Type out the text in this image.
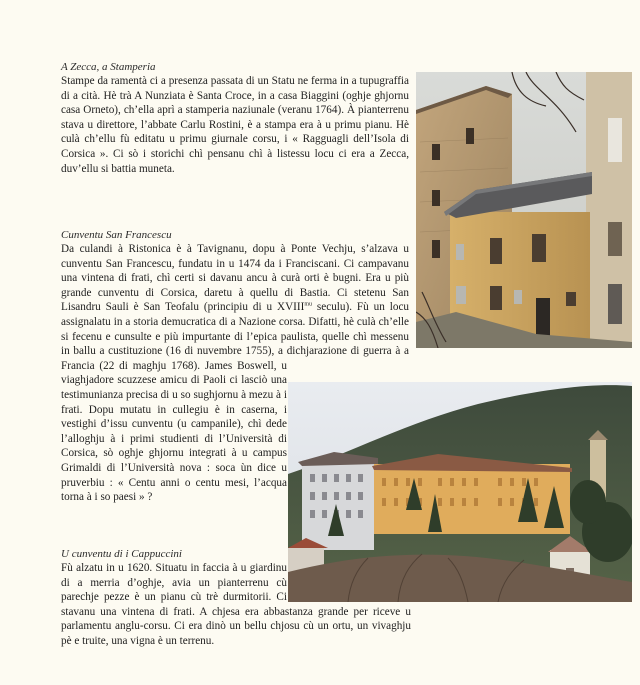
A Zecca, a Stamperia

Stampe da ramentà ci a presenza passata di un Statu ne ferma in a tupugraffia di a cità. Hè trà A Nunziata è Santa Croce, in a casa Biaggini (oghje ghjornu casa Orneto), ch’ella aprì a stamperia naziunale (veranu 1764). À pianterrenu stava u direttore, l’abbate Carlu Rostini, è a stampa era à u primu pianu. Hè culà ch’ellu fù editatu u primu giurnale corsu, i « Ragguagli dell’Isola di Corsica ». Ci sò i storichi chì pensanu chì à listessu locu ci era a Zecca, duv’ellu si battia muneta.

Cunventu San Francescu
U cunventu di i Cappuccini

Fù alzatu in u 1620. Situatu in faccia à u giardinu di a merria d’oghje, avia un pianterrenu cù parechje pezze è un pianu cù trè durmitorii. Ci stavanu una vintena di frati. A chjesa era abbastanza grande per riceve u parlamentu anglu-corsu. Ci era dinò un bellu chjosu cù un ortu, un vivaghju pè e truite, una vigna è un terrenu.

Da culandi à Ristonica è à Tavignanu, dopu à Ponte Vechju, s’alzava u cunventu San Francescu, fundatu in u 1474 da i Franciscani. Ci campavanu una vintena di frati, chì certi si davanu ancu à curà orti è bugni. Era u più grande cunventu di Corsica, daretu à quellu di Bastia. Ci stetenu San Lisandru Sauli è San Teofalu (principiu di u $XVIII^{mu}$ seculu). Fù un locu assignalatu in a storia demucratica di a Nazione corsa. Difatti, hè culà ch’elle si fecenu e cunsulte e più impurtante di l’epica paulista, quelle chì messenu in ballu a custituzione (16 di nuvembre 1755), a dichjarazione di guerra à a Francia (22 di maghju 1768). James Boswell, u viaghjadore scuzzese amicu di Paoli ci lasciò una testimunianza precisa di u so sughjornu à mezu à i frati. Dopu mutatu in cullegiu è in caserna, i vestighi d’issu cunventu (u campanile), chì dede l’alloghju à i primi studienti di l’Università di Corsica, sò oghje ghjornu integrati à u campus Grimaldi di l’Università nova : soca ùn dice u pruverbiu : « Centu anni o centu mesi, l’acqua torna à i so paesi » ?
